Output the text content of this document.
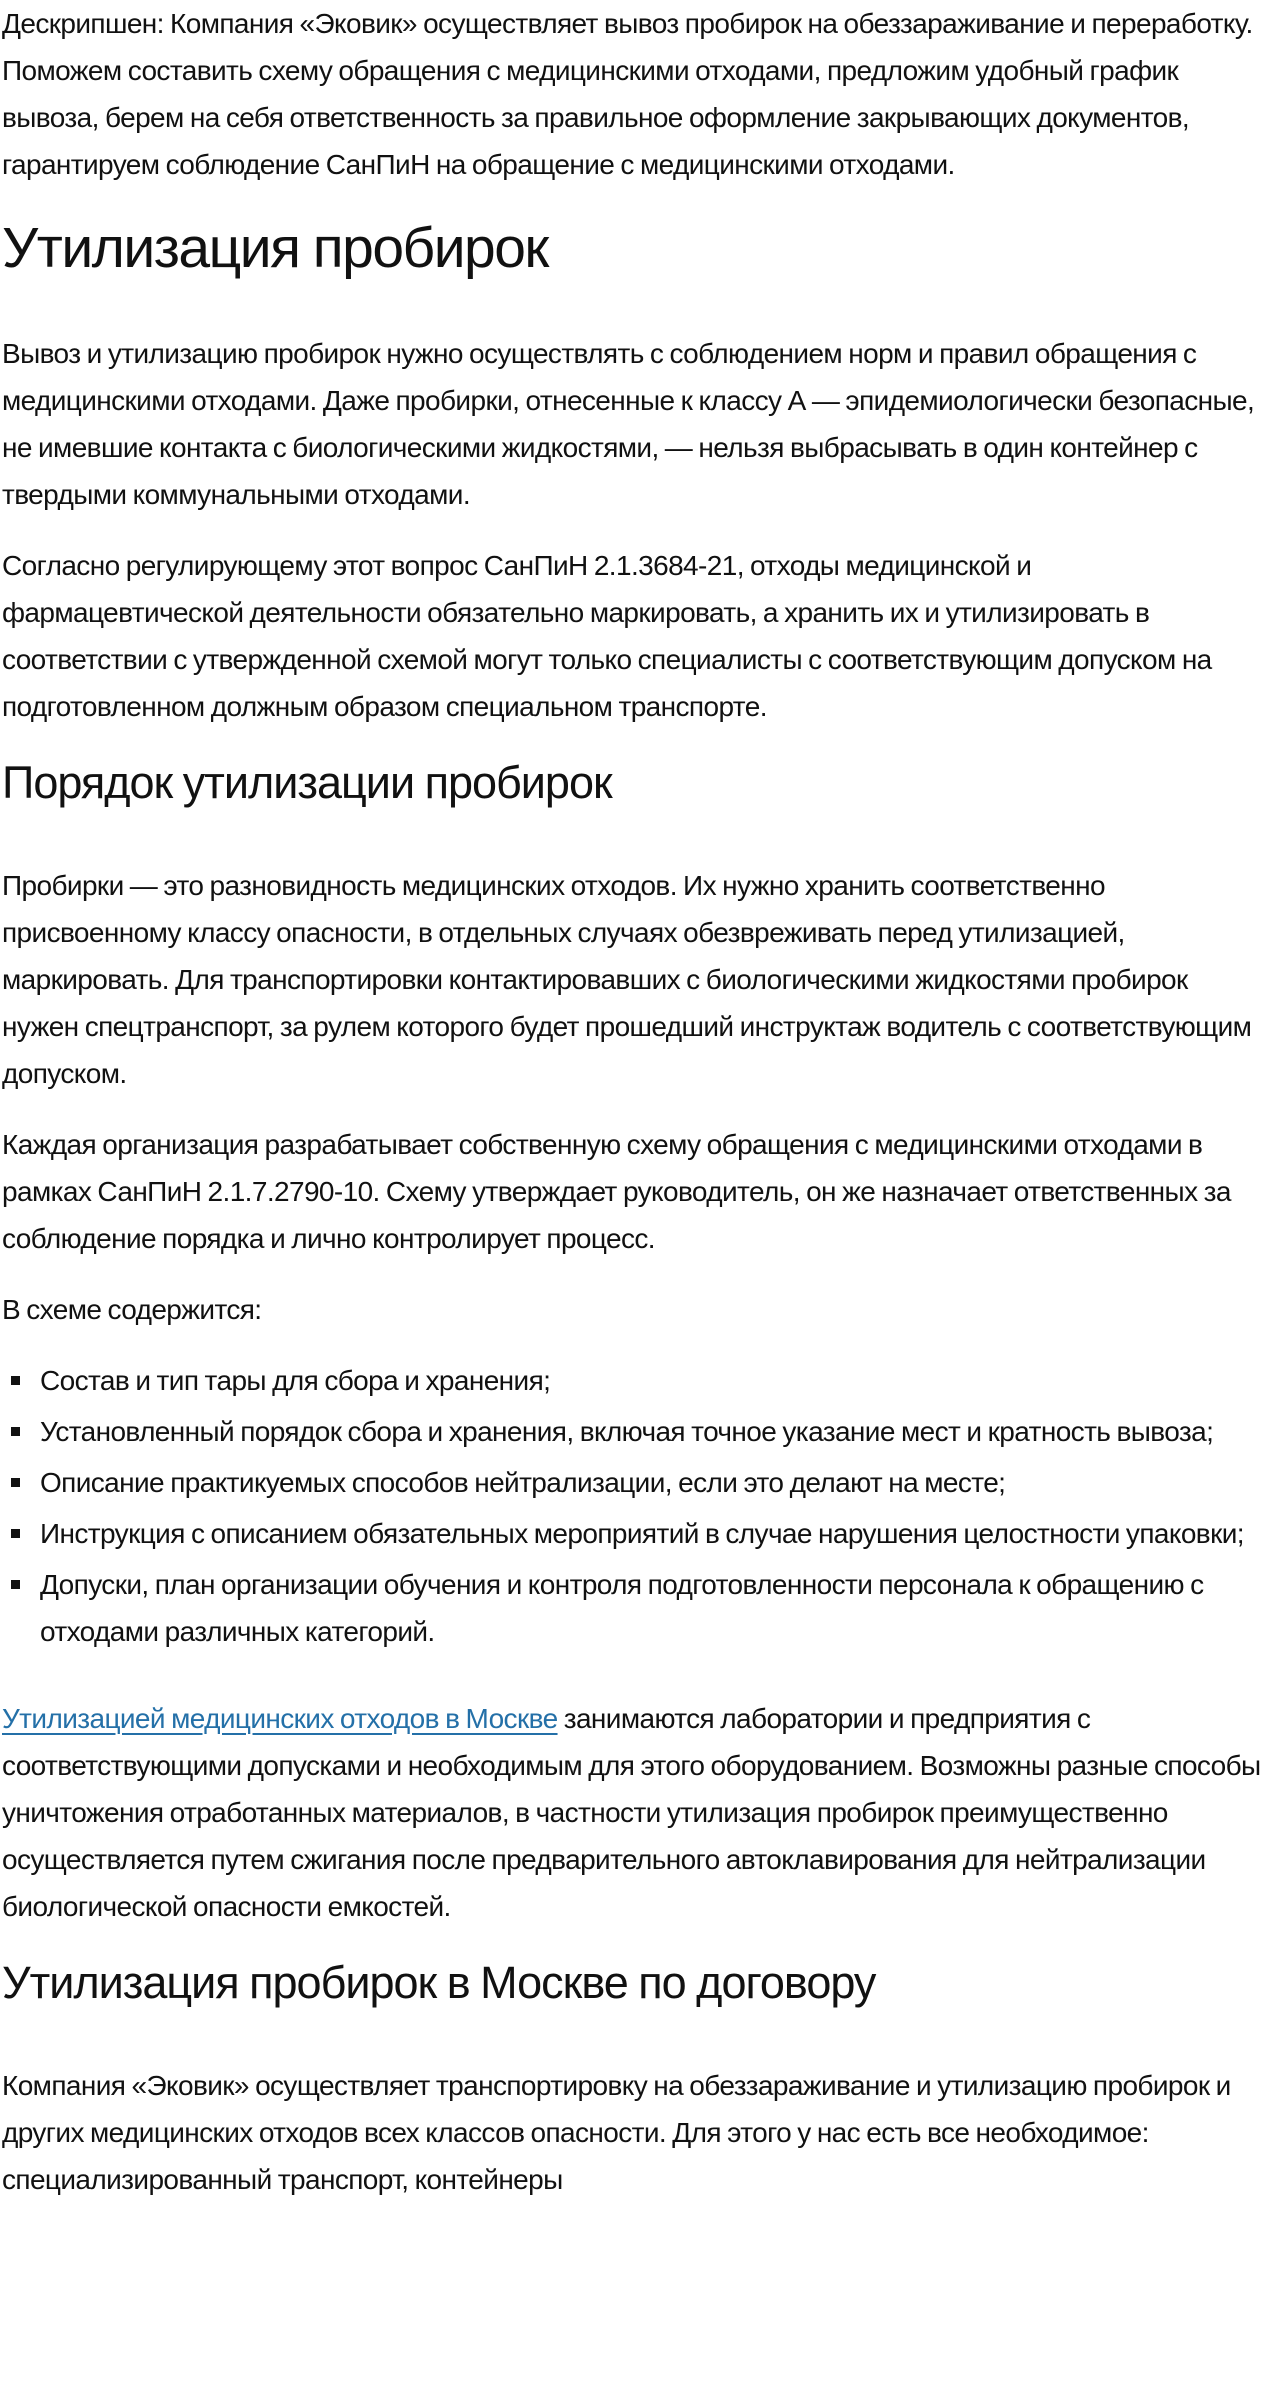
Дескрипшен: Компания «Эковик» осуществляет вывоз пробирок на обеззараживание и переработку. Поможем составить схему обращения с медицинскими отходами, предложим удобный график вывоза, берем на себя ответственность за правильное оформление закрывающих документов, гарантируем соблюдение СанПиН на обращение с медицинскими отходами.

Утилизация пробирок

Вывоз и утилизацию пробирок нужно осуществлять с соблюдением норм и правил обращения с медицинскими отходами. Даже пробирки, отнесенные к классу А — эпидемиологически безопасные, не имевшие контакта с биологическими жидкостями, — нельзя выбрасывать в один контейнер с твердыми коммунальными отходами.

Согласно регулирующему этот вопрос СанПиН 2.1.3684-21, отходы медицинской и фармацевтической деятельности обязательно маркировать, а хранить их и утилизировать в соответствии с утвержденной схемой могут только специалисты с соответствующим допуском на подготовленном должным образом специальном транспорте.

Порядок утилизации пробирок

Пробирки — это разновидность медицинских отходов. Их нужно хранить соответственно присвоенному классу опасности, в отдельных случаях обезвреживать перед утилизацией, маркировать. Для транспортировки контактировавших с биологическими жидкостями пробирок нужен спецтранспорт, за рулем которого будет прошедший инструктаж водитель с соответствующим допуском.

Каждая организация разрабатывает собственную схему обращения с медицинскими отходами в рамках СанПиН 2.1.7.2790-10. Схему утверждает руководитель, он же назначает ответственных за соблюдение порядка и лично контролирует процесс.

В схеме содержится:

Состав и тип тары для сбора и хранения;
Установленный порядок сбора и хранения, включая точное указание мест и кратность вывоза;
Описание практикуемых способов нейтрализации, если это делают на месте;
Инструкция с описанием обязательных мероприятий в случае нарушения целостности упаковки;
Допуски, план организации обучения и контроля подготовленности персонала к обращению с отходами различных категорий.

Утилизацией медицинских отходов в Москве занимаются лаборатории и предприятия с соответствующими допусками и необходимым для этого оборудованием. Возможны разные способы уничтожения отработанных материалов, в частности утилизация пробирок преимущественно осуществляется путем сжигания после предварительного автоклавирования для нейтрализации биологической опасности емкостей.

Утилизация пробирок в Москве по договору

Компания «Эковик» осуществляет транспортировку на обеззараживание и утилизацию пробирок и других медицинских отходов всех классов опасности. Для этого у нас есть все необходимое: специализированный транспорт, контейнеры
